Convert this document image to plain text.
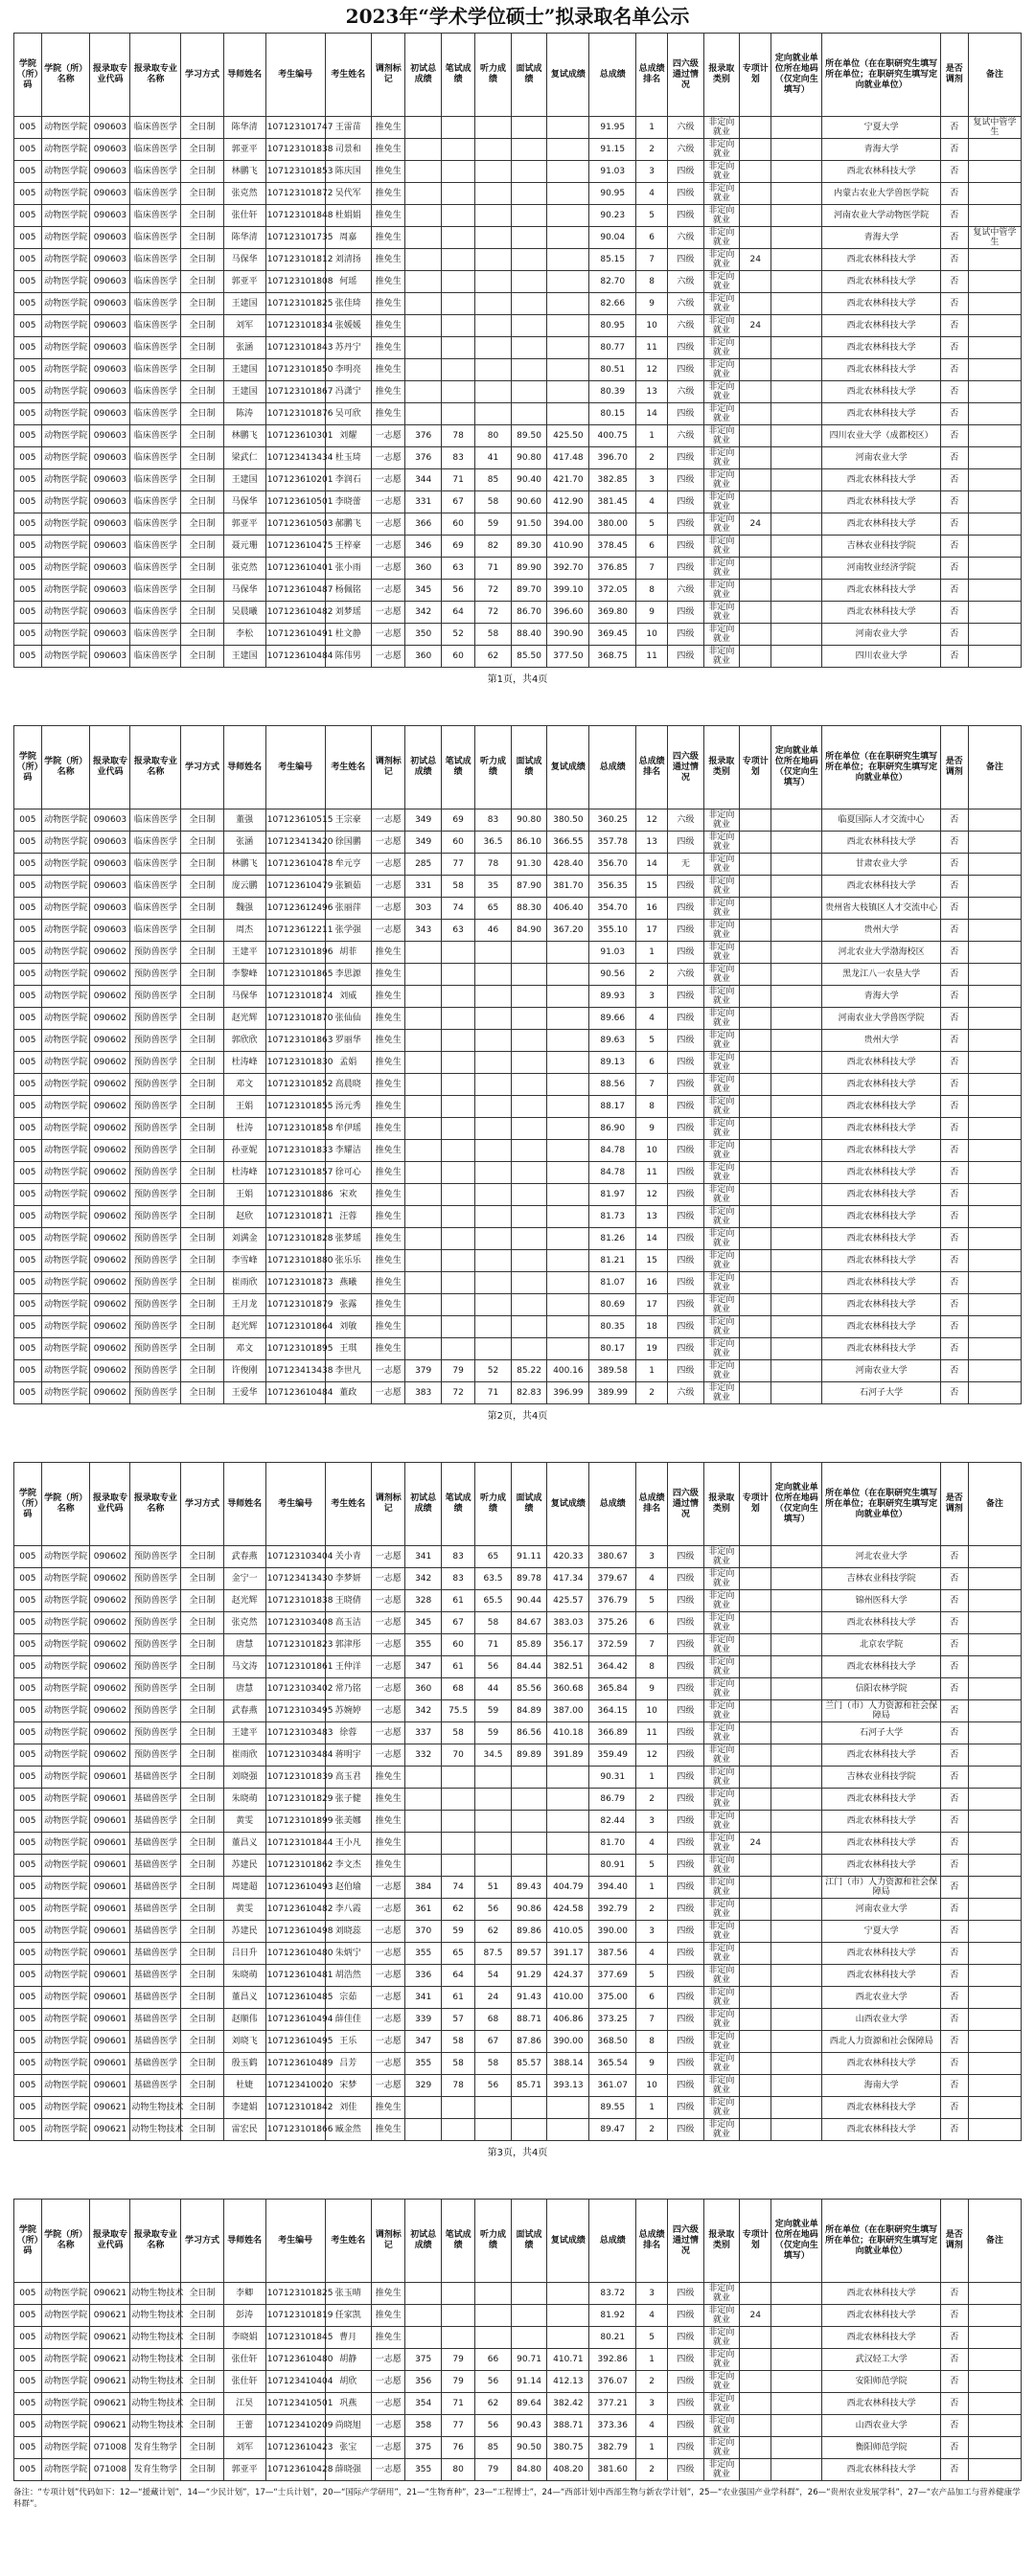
2023年“学术学位硕士”拟录取名单公示
学院（所）码	学院（所）名称	报录取专业代码	报录取专业名称	学习方式	导师姓名	考生编号	考生姓名	调剂标记	初试总成绩	笔试成绩	听力成绩	面试成绩	复试成绩	总成绩	总成绩排名	四六级通过情况	报录取类别	专项计划	定向就业单位所在地码（仅定向生填写）	所在单位（在在职研究生填写所在单位；在职研究生填写定向就业单位）	是否调剂	备注
005	动物医学院	090603	临床兽医学	全日制	陈华清	107123101747	王雷苗	推免生						91.95	1	六级	非定向就业			宁夏大学	否	复试中管学生
005	动物医学院	090603	临床兽医学	全日制	郭亚平	107123101838	司景和	推免生						91.15	2	六级	非定向就业			青海大学	否	
005	动物医学院	090603	临床兽医学	全日制	林鹏飞	107123101853	陈庆国	推免生						91.03	3	四级	非定向就业			西北农林科技大学	否	
005	动物医学院	090603	临床兽医学	全日制	张克然	107123101872	吴代军	推免生						90.95	4	四级	非定向就业			内蒙古农业大学兽医学院	否	
005	动物医学院	090603	临床兽医学	全日制	张仕轩	107123101848	杜娟娟	推免生						90.23	5	四级	非定向就业			河南农业大学动物医学院	否	
005	动物医学院	090603	临床兽医学	全日制	陈华清	107123101735	周嘉	推免生						90.04	6	六级	非定向就业			青海大学	否	复试中管学生
005	动物医学院	090603	临床兽医学	全日制	马保华	107123101812	刘清扬	推免生						85.15	7	四级	非定向就业	24		西北农林科技大学	否	
005	动物医学院	090603	临床兽医学	全日制	郭亚平	107123101808	何瑶	推免生						82.70	8	六级	非定向就业			西北农林科技大学	否	
005	动物医学院	090603	临床兽医学	全日制	王建国	107123101825	张佳琦	推免生						82.66	9	六级	非定向就业			西北农林科技大学	否	
005	动物医学院	090603	临床兽医学	全日制	刘军	107123101834	张媛媛	推免生						80.95	10	六级	非定向就业	24		西北农林科技大学	否	
005	动物医学院	090603	临床兽医学	全日制	张涵	107123101843	苏丹宁	推免生						80.77	11	四级	非定向就业			西北农林科技大学	否	
005	动物医学院	090603	临床兽医学	全日制	王建国	107123101850	李明亮	推免生						80.51	12	四级	非定向就业			西北农林科技大学	否	
005	动物医学院	090603	临床兽医学	全日制	王建国	107123101867	冯潇宁	推免生						80.39	13	六级	非定向就业			西北农林科技大学	否	
005	动物医学院	090603	临床兽医学	全日制	陈涛	107123101876	吴可欣	推免生						80.15	14	四级	非定向就业			西北农林科技大学	否	
005	动物医学院	090603	临床兽医学	全日制	林鹏飞	107123610301	刘耀	一志愿	376	78	80	89.50	425.50	400.75	1	六级	非定向就业			四川农业大学（成都校区）	否	
005	动物医学院	090603	临床兽医学	全日制	梁武仁	107123413434	杜玉琦	一志愿	376	83	41	90.80	417.48	396.70	2	四级	非定向就业			河南农业大学	否	
005	动物医学院	090603	临床兽医学	全日制	王建国	107123610201	李润石	一志愿	344	71	85	90.40	421.70	382.85	3	四级	非定向就业			西北农林科技大学	否	
005	动物医学院	090603	临床兽医学	全日制	马保华	107123610501	李晓蕾	一志愿	331	67	58	90.60	412.90	381.45	4	四级	非定向就业			西北农林科技大学	否	
005	动物医学院	090603	临床兽医学	全日制	郭亚平	107123610503	郝鹏飞	一志愿	366	60	59	91.50	394.00	380.00	5	四级	非定向就业	24		西北农林科技大学	否	
005	动物医学院	090603	临床兽医学	全日制	聂元珊	107123610475	王梓豪	一志愿	346	69	82	89.30	410.90	378.45	6	四级	非定向就业			吉林农业科技学院	否	
005	动物医学院	090603	临床兽医学	全日制	张克然	107123610401	张小雨	一志愿	360	63	71	89.90	392.70	376.85	7	四级	非定向就业			河南牧业经济学院	否	
005	动物医学院	090603	临床兽医学	全日制	马保华	107123610487	杨佩铭	一志愿	345	56	72	89.70	399.10	372.05	8	六级	非定向就业			西北农林科技大学	否	
005	动物医学院	090603	临床兽医学	全日制	吴晨曦	107123610482	刘梦瑶	一志愿	342	64	72	86.70	396.60	369.80	9	四级	非定向就业			西北农林科技大学	否	
005	动物医学院	090603	临床兽医学	全日制	李松	107123610491	杜文静	一志愿	350	52	58	88.40	390.90	369.45	10	四级	非定向就业			河南农业大学	否	
005	动物医学院	090603	临床兽医学	全日制	王建国	107123610484	陈伟男	一志愿	360	60	62	85.50	377.50	368.75	11	四级	非定向就业			四川农业大学	否	
第1页，共4页
学院（所）码	学院（所）名称	报录取专业代码	报录取专业名称	学习方式	导师姓名	考生编号	考生姓名	调剂标记	初试总成绩	笔试成绩	听力成绩	面试成绩	复试成绩	总成绩	总成绩排名	四六级通过情况	报录取类别	专项计划	定向就业单位所在地码（仅定向生填写）	所在单位（在在职研究生填写所在单位；在职研究生填写定向就业单位）	是否调剂	备注
005	动物医学院	090603	临床兽医学	全日制	董强	107123610515	王宗豪	一志愿	349	69	83	90.80	380.50	360.25	12	六级	非定向就业			临夏国际人才交流中心	否	
005	动物医学院	090603	临床兽医学	全日制	张涵	107123413420	徐国鹏	一志愿	349	60	36.5	86.10	366.55	357.78	13	四级	非定向就业			西北农林科技大学	否	
005	动物医学院	090603	临床兽医学	全日制	林鹏飞	107123610478	牟元亨	一志愿	285	77	78	91.30	428.40	356.70	14	无	非定向就业			甘肃农业大学	否	
005	动物医学院	090603	临床兽医学	全日制	庞云鹏	107123610479	张颖茹	一志愿	331	58	35	87.90	381.70	356.35	15	四级	非定向就业			西北农林科技大学	否	
005	动物医学院	090603	临床兽医学	全日制	魏强	107123612496	张丽萍	一志愿	303	74	65	88.30	406.40	354.70	16	四级	非定向就业			贵州省大枝镇区人才交流中心	否	
005	动物医学院	090603	临床兽医学	全日制	周杰	107123612211	张学强	一志愿	343	63	46	84.90	367.20	355.10	17	四级	非定向就业			贵州大学	否	
005	动物医学院	090602	预防兽医学	全日制	王建平	107123101896	胡菲	推免生						91.03	1	四级	非定向就业			河北农业大学渤海校区	否	
005	动物医学院	090602	预防兽医学	全日制	李黎峰	107123101865	李思源	推免生						90.56	2	六级	非定向就业			黑龙江八一农垦大学	否	
005	动物医学院	090602	预防兽医学	全日制	马保华	107123101874	刘威	推免生						89.93	3	四级	非定向就业			青海大学	否	
005	动物医学院	090602	预防兽医学	全日制	赵光辉	107123101870	张仙仙	推免生						89.66	4	四级	非定向就业			河南农业大学兽医学院	否	
005	动物医学院	090602	预防兽医学	全日制	郭欣欣	107123101863	罗丽华	推免生						89.63	5	四级	非定向就业			贵州大学	否	
005	动物医学院	090602	预防兽医学	全日制	杜涛峰	107123101830	孟娟	推免生						89.13	6	四级	非定向就业			西北农林科技大学	否	
005	动物医学院	090602	预防兽医学	全日制	邓文	107123101852	高晨晓	推免生						88.56	7	四级	非定向就业			西北农林科技大学	否	
005	动物医学院	090602	预防兽医学	全日制	王娟	107123101855	汤元秀	推免生						88.17	8	四级	非定向就业			西北农林科技大学	否	
005	动物医学院	090602	预防兽医学	全日制	杜涛	107123101858	牟伊瑶	推免生						86.90	9	四级	非定向就业			西北农林科技大学	否	
005	动物医学院	090602	预防兽医学	全日制	孙亚妮	107123101833	李耀洁	推免生						84.78	10	四级	非定向就业			西北农林科技大学	否	
005	动物医学院	090602	预防兽医学	全日制	杜涛峰	107123101857	徐可心	推免生						84.78	11	四级	非定向就业			西北农林科技大学	否	
005	动物医学院	090602	预防兽医学	全日制	王娟	107123101886	宋欢	推免生						81.97	12	四级	非定向就业			西北农林科技大学	否	
005	动物医学院	090602	预防兽医学	全日制	赵欣	107123101871	汪蓉	推免生						81.73	13	四级	非定向就业			西北农林科技大学	否	
005	动物医学院	090602	预防兽医学	全日制	刘满金	107123101828	张梦瑶	推免生						81.26	14	四级	非定向就业			西北农林科技大学	否	
005	动物医学院	090602	预防兽医学	全日制	李雪峰	107123101880	张乐乐	推免生						81.21	15	四级	非定向就业			西北农林科技大学	否	
005	动物医学院	090602	预防兽医学	全日制	崔雨欣	107123101873	燕曦	推免生						81.07	16	四级	非定向就业			西北农林科技大学	否	
005	动物医学院	090602	预防兽医学	全日制	王月龙	107123101879	张露	推免生						80.69	17	四级	非定向就业			西北农林科技大学	否	
005	动物医学院	090602	预防兽医学	全日制	赵光辉	107123101864	刘敏	推免生						80.35	18	四级	非定向就业			西北农林科技大学	否	
005	动物医学院	090602	预防兽医学	全日制	邓文	107123101895	王琪	推免生						80.17	19	四级	非定向就业			西北农林科技大学	否	
005	动物医学院	090602	预防兽医学	全日制	许俊刚	107123413438	李世凡	一志愿	379	79	52	85.22	400.16	389.58	1	四级	非定向就业			河南农业大学	否	
005	动物医学院	090602	预防兽医学	全日制	王爱华	107123610484	董政	一志愿	383	72	71	82.83	396.99	389.99	2	六级	非定向就业			石河子大学	否	
第2页，共4页
学院（所）码	学院（所）名称	报录取专业代码	报录取专业名称	学习方式	导师姓名	考生编号	考生姓名	调剂标记	初试总成绩	笔试成绩	听力成绩	面试成绩	复试成绩	总成绩	总成绩排名	四六级通过情况	报录取类别	专项计划	定向就业单位所在地码（仅定向生填写）	所在单位（在在职研究生填写所在单位；在职研究生填写定向就业单位）	是否调剂	备注
005	动物医学院	090602	预防兽医学	全日制	武春燕	107123103404	关小青	一志愿	341	83	65	91.11	420.33	380.67	3	四级	非定向就业			河北农业大学	否	
005	动物医学院	090602	预防兽医学	全日制	金宁一	107123413430	李梦妍	一志愿	342	83	63.5	89.78	417.34	379.67	4	四级	非定向就业			吉林农业科技学院	否	
005	动物医学院	090602	预防兽医学	全日制	赵光辉	107123101838	王晓倩	一志愿	328	61	65.5	90.44	425.57	376.79	5	四级	非定向就业			锦州医科大学	否	
005	动物医学院	090602	预防兽医学	全日制	张克然	107123103408	高玉洁	一志愿	345	67	58	84.67	383.03	375.26	6	四级	非定向就业			西北农林科技大学	否	
005	动物医学院	090602	预防兽医学	全日制	唐慧	107123101823	郭津彤	一志愿	355	60	71	85.89	356.17	372.59	7	四级	非定向就业			北京农学院	否	
005	动物医学院	090602	预防兽医学	全日制	马文涛	107123101861	王仲洋	一志愿	347	61	56	84.44	382.51	364.42	8	四级	非定向就业			西北农林科技大学	否	
005	动物医学院	090602	预防兽医学	全日制	唐慧	107123103402	常乃铭	一志愿	360	68	44	85.56	360.68	365.84	9	四级	非定向就业			信阳农林学院	否	
005	动物医学院	090602	预防兽医学	全日制	武春燕	107123103495	苏婉婷	一志愿	342	75.5	59	84.89	387.00	364.15	10	四级	非定向就业			兰门（市）人力资源和社会保障局	否	
005	动物医学院	090602	预防兽医学	全日制	王建平	107123103483	徐蓉	一志愿	337	58	59	86.56	410.18	366.89	11	四级	非定向就业			石河子大学	否	
005	动物医学院	090602	预防兽医学	全日制	崔雨欣	107123103484	蒋明宇	一志愿	332	70	34.5	89.89	391.89	359.49	12	四级	非定向就业			西北农林科技大学	否	
005	动物医学院	090601	基础兽医学	全日制	刘晓强	107123101839	高玉君	推免生						90.31	1	四级	非定向就业			吉林农业科技学院	否	
005	动物医学院	090601	基础兽医学	全日制	朱晓萌	107123101829	张子健	推免生						86.79	2	四级	非定向就业			西北农林科技大学	否	
005	动物医学院	090601	基础兽医学	全日制	黄雯	107123101899	张美娜	推免生						82.44	3	四级	非定向就业			西北农林科技大学	否	
005	动物医学院	090601	基础兽医学	全日制	董昌义	107123101844	王小凡	推免生						81.70	4	四级	非定向就业	24		西北农林科技大学	否	
005	动物医学院	090601	基础兽医学	全日制	苏建民	107123101862	李文杰	推免生						80.91	5	四级	非定向就业			西北农林科技大学	否	
005	动物医学院	090601	基础兽医学	全日制	周建超	107123610493	赵伯瑜	一志愿	384	74	51	89.43	404.79	394.40	1	四级	非定向就业			江门（市）人力资源和社会保障局	否	
005	动物医学院	090601	基础兽医学	全日制	黄雯	107123610482	李八霞	一志愿	361	62	56	90.86	424.58	392.79	2	四级	非定向就业			河南农业大学	否	
005	动物医学院	090601	基础兽医学	全日制	苏建民	107123610498	刘晓蕊	一志愿	370	59	62	89.86	410.05	390.00	3	四级	非定向就业			宁夏大学	否	
005	动物医学院	090601	基础兽医学	全日制	吕日升	107123610480	朱炳宁	一志愿	355	65	87.5	89.57	391.17	387.56	4	四级	非定向就业			西北农林科技大学	否	
005	动物医学院	090601	基础兽医学	全日制	朱晓萌	107123610481	胡浩然	一志愿	336	64	54	91.29	424.37	377.69	5	四级	非定向就业			西北农林科技大学	否	
005	动物医学院	090601	基础兽医学	全日制	董昌义	107123610485	宗茹	一志愿	341	61	24	91.43	410.00	375.00	6	四级	非定向就业			西北农业大学	否	
005	动物医学院	090601	基础兽医学	全日制	赵顺伟	107123610494	薛佳佳	一志愿	339	57	68	88.71	406.86	373.25	7	四级	非定向就业			山西农业大学	否	
005	动物医学院	090601	基础兽医学	全日制	刘晓飞	107123610495	王乐	一志愿	347	58	67	87.86	390.00	368.50	8	四级	非定向就业			西北人力资源和社会保障局	否	
005	动物医学院	090601	基础兽医学	全日制	殷玉鹤	107123610489	吕芳	一志愿	355	58	58	85.57	388.14	365.54	9	四级	非定向就业			西北农林科技大学	否	
005	动物医学院	090601	基础兽医学	全日制	杜婕	107123410020	宋梦	一志愿	329	78	56	85.71	393.13	361.07	10	四级	非定向就业			海南大学	否	
005	动物医学院	090621	动物生物技术	全日制	李建娟	107123101842	刘佳	推免生						89.55	1	四级	非定向就业			西北农林科技大学	否	
005	动物医学院	090621	动物生物技术	全日制	雷宏民	107123101866	臧金然	推免生						89.47	2	四级	非定向就业			西北农林科技大学	否	
第3页，共4页
学院（所）码	学院（所）名称	报录取专业代码	报录取专业名称	学习方式	导师姓名	考生编号	考生姓名	调剂标记	初试总成绩	笔试成绩	听力成绩	面试成绩	复试成绩	总成绩	总成绩排名	四六级通过情况	报录取类别	专项计划	定向就业单位所在地码（仅定向生填写）	所在单位（在在职研究生填写所在单位；在职研究生填写定向就业单位）	是否调剂	备注
005	动物医学院	090621	动物生物技术	全日制	李卿	107123101825	张玉晴	推免生						83.72	3	四级	非定向就业			西北农林科技大学	否	
005	动物医学院	090621	动物生物技术	全日制	彭涛	107123101819	任家凯	推免生						81.92	4	四级	非定向就业	24		西北农林科技大学	否	
005	动物医学院	090621	动物生物技术	全日制	李晓娟	107123101845	曹月	推免生						80.21	5	四级	非定向就业			西北农林科技大学	否	
005	动物医学院	090621	动物生物技术	全日制	张仕轩	107123610480	胡静	一志愿	375	79	66	90.71	410.71	392.86	1	四级	非定向就业			武汉轻工大学	否	
005	动物医学院	090621	动物生物技术	全日制	张仕轩	107123410404	胡欣	一志愿	356	79	56	91.14	412.13	376.07	2	四级	非定向就业			安阳师范学院	否	
005	动物医学院	090621	动物生物技术	全日制	江昊	107123410501	巩燕	一志愿	354	71	62	89.64	382.42	377.21	3	四级	非定向就业			西北农林科技大学	否	
005	动物医学院	090621	动物生物技术	全日制	王蕾	107123410209	尚晓旭	一志愿	358	77	56	90.43	388.71	373.36	4	四级	非定向就业			山西农业大学	否	
005	动物医学院	071008	发育生物学	全日制	刘军	107123610423	张宝	一志愿	375	76	85	90.50	380.75	382.79	1	四级	非定向就业			衡阳师范学院	否	
005	动物医学院	071008	发育生物学	全日制	郭亚平	107123610428	薛晓强	一志愿	355	80	79	84.80	408.20	381.60	2	四级	非定向就业			西北农林科技大学	否	
备注：“专项计划”代码如下：12—“援藏计划”，14—“少民计划”，17—“士兵计划”，20—“国际产学研用”，21—“生物育种”，23—“工程博士”，24—“西部计划中西部生物与新农学计划”，25—“农业强国产业学科群”，26—“贵州农业发展学科”，27—“农产品加工与营养健康学科群”。
